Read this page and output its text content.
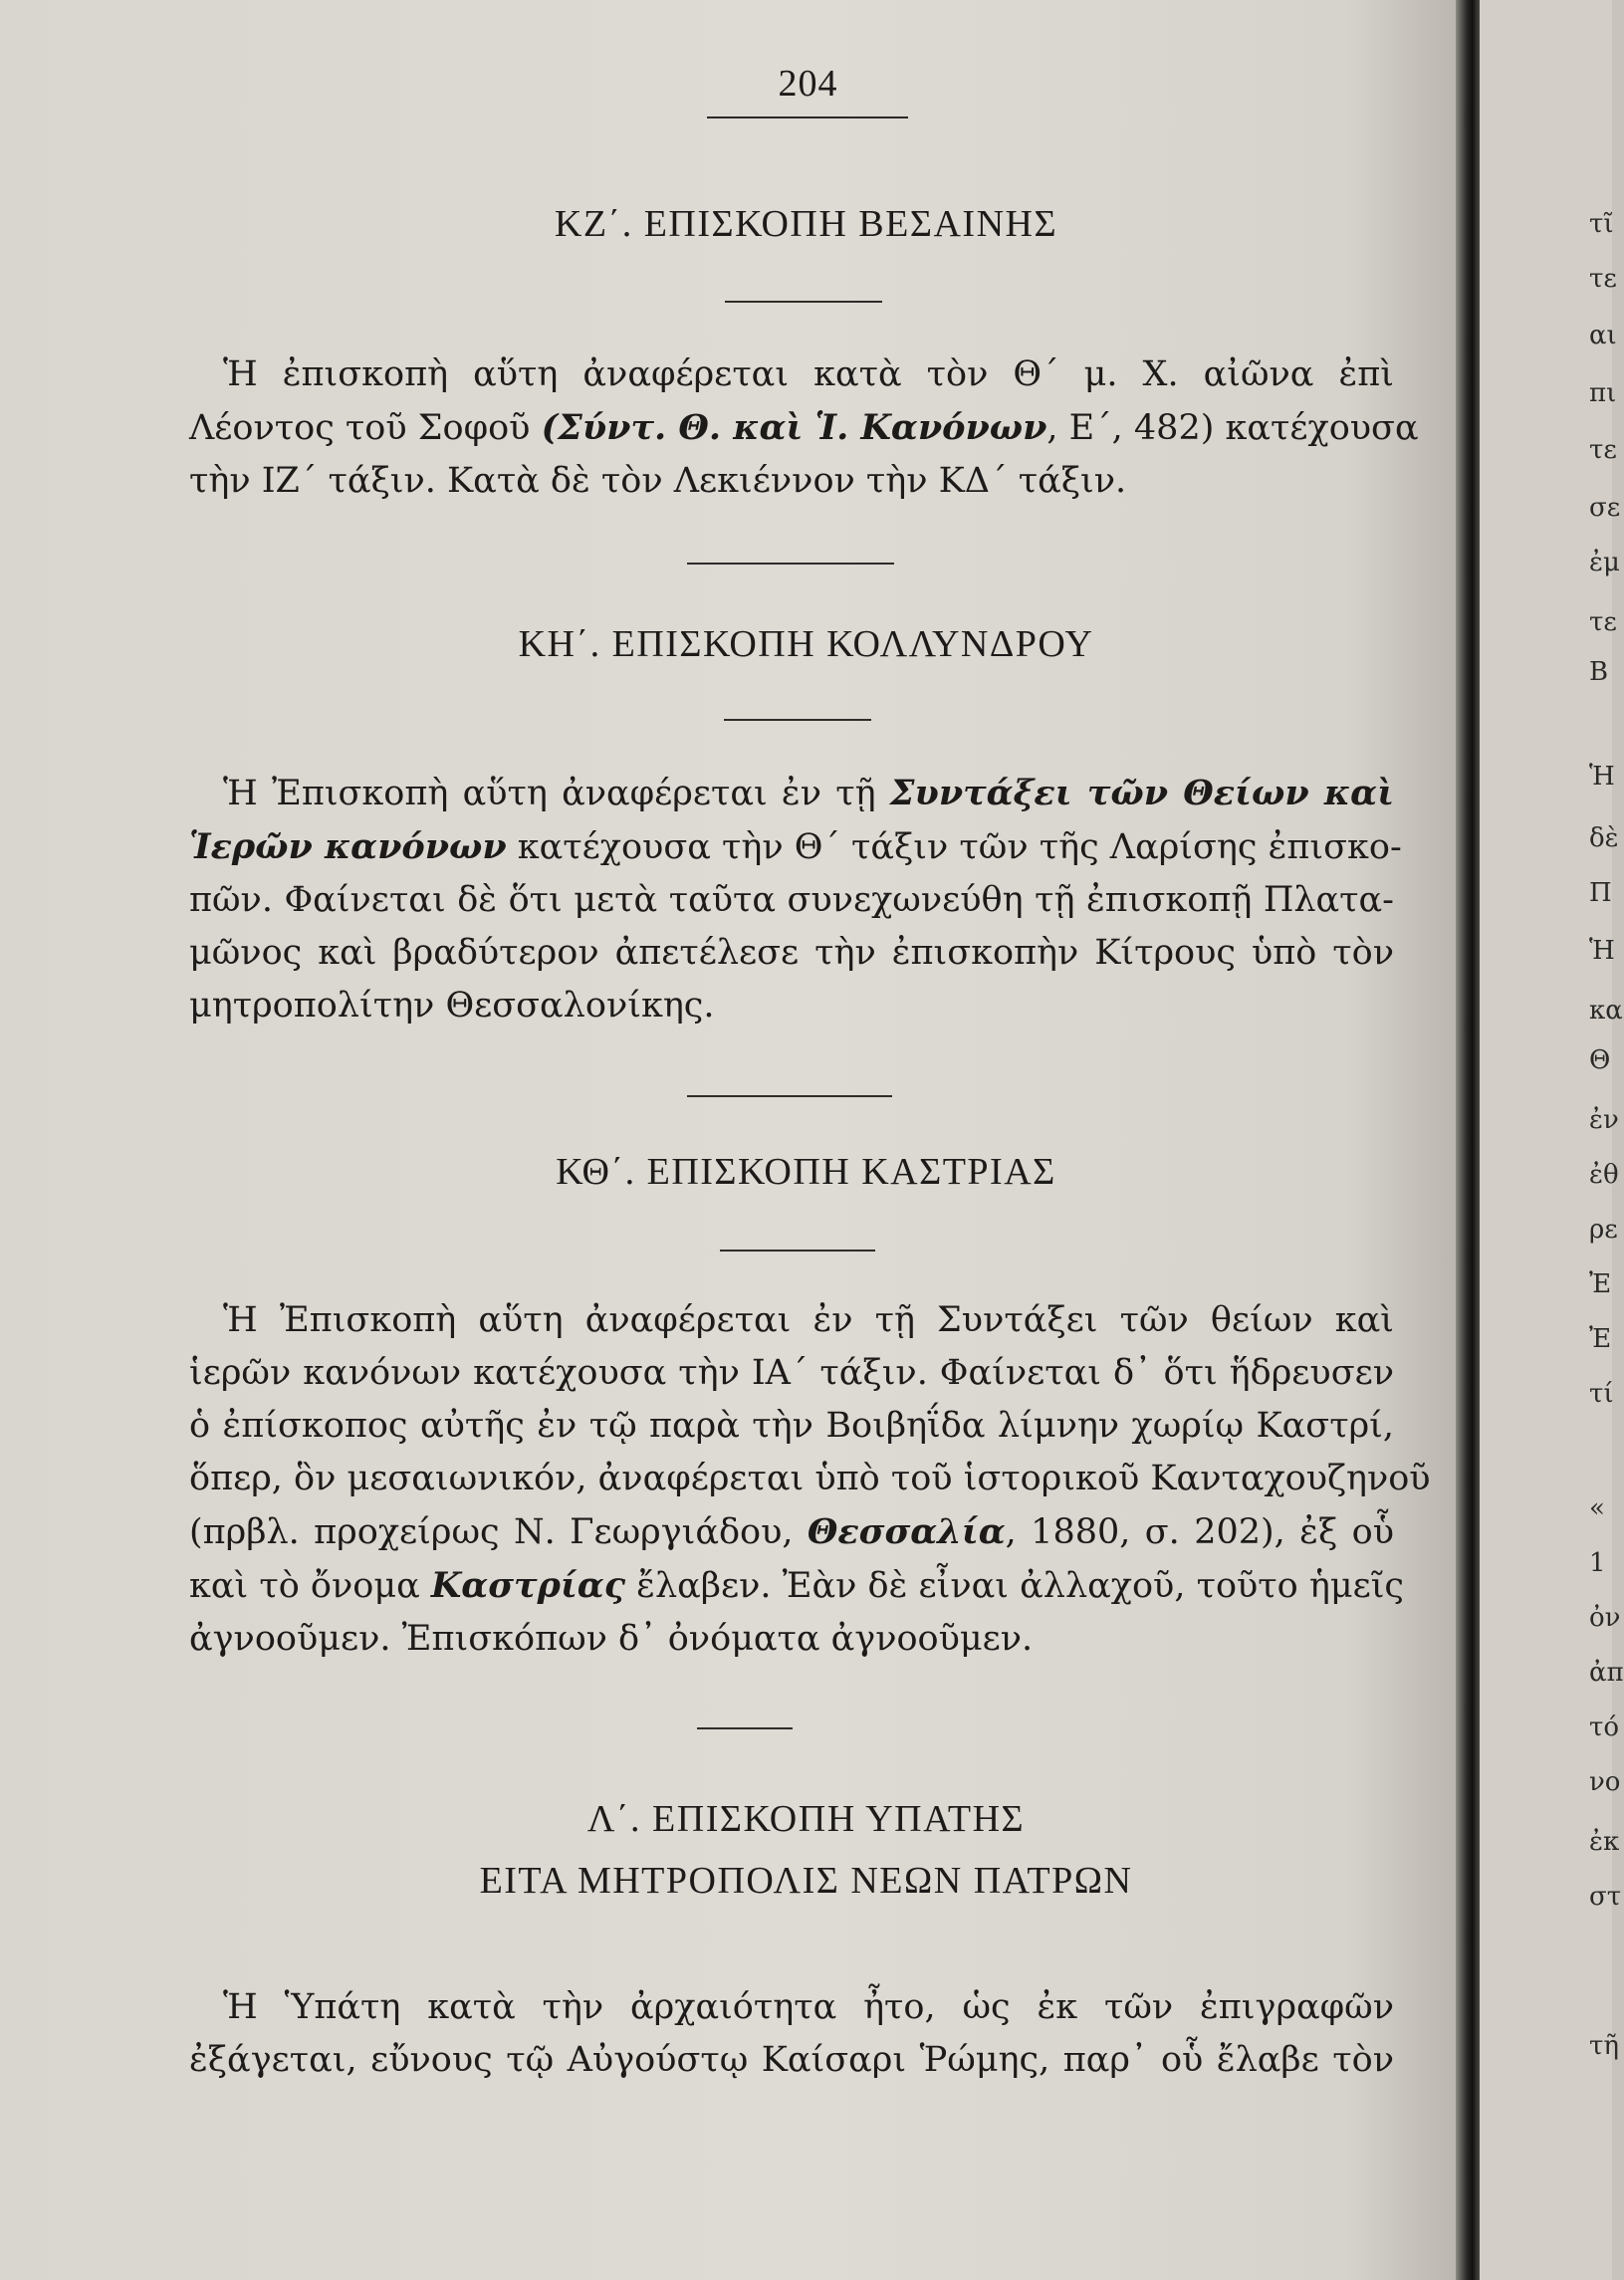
τῖ
τε
αι
πι
τε
σε
ἐμ
τε
Β
Ἡ
δὲ
Π
Ἡ
κα
Θ
ἐν
ἐθ
ρε
Ἐ
Ἐ
τί
«
1
ὀν
ἀπ
τό
νο
ἐκ
στ
τῆ
204
ΚΖ΄. ΕΠΙΣΚΟΠΗ ΒΕΣΑΙΝΗΣ
Ἡ ἐπισκοπὴ αὕτη ἀναφέρεται κατὰ τὸν Θ΄ μ. Χ. αἰῶνα ἐπὶ
Λέοντος τοῦ Σοφοῦ (Σύντ. Θ. καὶ Ἱ. Κανόνων, Ε΄, 482) κατέχουσα
τὴν ΙΖ΄ τάξιν. Κατὰ δὲ τὸν Λεκιέννον τὴν ΚΔ΄ τάξιν.
ΚΗ΄. ΕΠΙΣΚΟΠΗ ΚΟΛΛΥΝΔΡΟΥ
Ἡ Ἐπισκοπὴ αὕτη ἀναφέρεται ἐν τῇ Συντάξει τῶν Θείων καὶ
Ἱερῶν κανόνων κατέχουσα τὴν Θ΄ τάξιν τῶν τῆς Λαρίσης ἐπισκο-
πῶν. Φαίνεται δὲ ὅτι μετὰ ταῦτα συνεχωνεύθη τῇ ἐπισκοπῇ Πλατα-
μῶνος καὶ βραδύτερον ἀπετέλεσε τὴν ἐπισκοπὴν Κίτρους ὑπὸ τὸν
μητροπολίτην Θεσσαλονίκης.
ΚΘ΄. ΕΠΙΣΚΟΠΗ ΚΑΣΤΡΙΑΣ
Ἡ Ἐπισκοπὴ αὕτη ἀναφέρεται ἐν τῇ Συντάξει τῶν θείων καὶ
ἱερῶν κανόνων κατέχουσα τὴν ΙΑ΄ τάξιν. Φαίνεται δ᾽ ὅτι ἥδρευσεν
ὁ ἐπίσκοπος αὐτῆς ἐν τῷ παρὰ τὴν Βοιβηΐδα λίμνην χωρίῳ Καστρί,
ὅπερ, ὃν μεσαιωνικόν, ἀναφέρεται ὑπὸ τοῦ ἱστορικοῦ Κανταχουζηνοῦ
(πρβλ. προχείρως Ν. Γεωργιάδου, Θεσσαλία, 1880, σ. 202), ἐξ οὗ
καὶ τὸ ὄνομα Καστρίας ἔλαβεν. Ἐὰν δὲ εἶναι ἀλλαχοῦ, τοῦτο ἡμεῖς
ἀγνοοῦμεν. Ἐπισκόπων δ᾽ ὀνόματα ἀγνοοῦμεν.
Λ΄. ΕΠΙΣΚΟΠΗ ΥΠΑΤΗΣ
ΕΙΤΑ ΜΗΤΡΟΠΟΛΙΣ ΝΕΩΝ ΠΑΤΡΩΝ
Ἡ Ὑπάτη κατὰ τὴν ἀρχαιότητα ἦτο, ὡς ἐκ τῶν ἐπιγραφῶν
ἐξάγεται, εὔνους τῷ Αὐγούστῳ Καίσαρι Ῥώμης, παρ᾽ οὗ ἔλαβε τὸν
